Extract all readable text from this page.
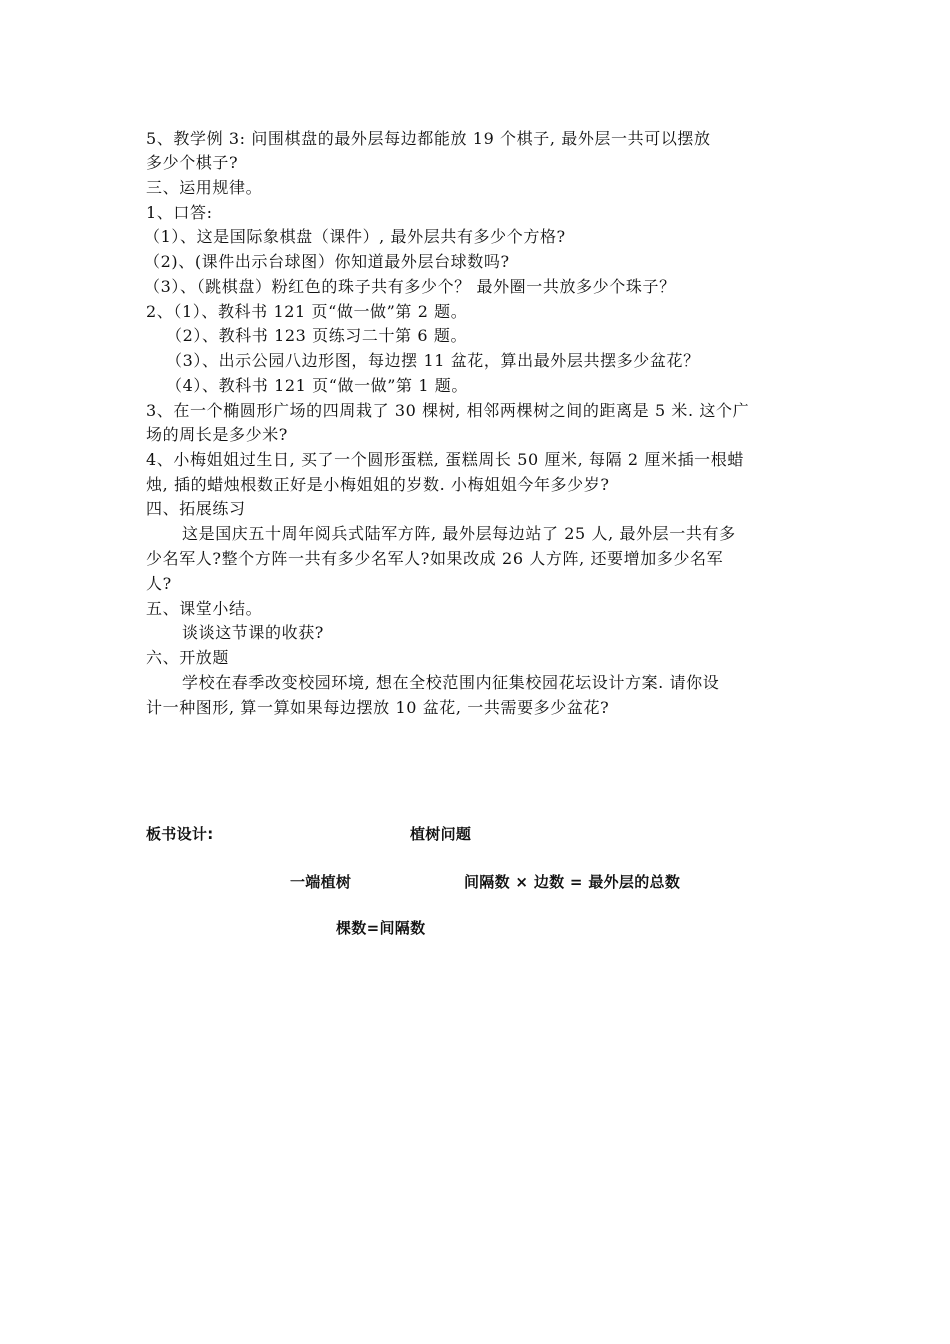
5、教学例 3: 问围棋盘的最外层每边都能放 19 个棋子, 最外层一共可以摆放
多少个棋子?
三、运用规律。
1、口答:
（1）、这是国际象棋盘（课件）, 最外层共有多少个方格?
（2)、(课件出示台球图）你知道最外层台球数吗?
（3）、（跳棋盘）粉红色的珠子共有多少个？ 最外圈一共放多少个珠子？
2、（1）、教科书 121 页“做一做”第 2 题。
（2）、教科书 123 页练习二十第 6 题。
（3）、出示公园八边形图，每边摆 11 盆花，算出最外层共摆多少盆花？
（4）、教科书 121 页“做一做”第 1 题。
3、在一个椭圆形广场的四周栽了 30 棵树, 相邻两棵树之间的距离是 5 米. 这个广
场的周长是多少米?
4、小梅姐姐过生日, 买了一个圆形蛋糕, 蛋糕周长 50 厘米, 每隔 2 厘米插一根蜡
烛, 插的蜡烛根数正好是小梅姐姐的岁数. 小梅姐姐今年多少岁?
四、拓展练习
这是国庆五十周年阅兵式陆军方阵, 最外层每边站了 25 人, 最外层一共有多
少名军人?整个方阵一共有多少名军人?如果改成 26 人方阵, 还要增加多少名军
人?
五、课堂小结。
谈谈这节课的收获?
六、开放题
学校在春季改变校园环境, 想在全校范围内征集校园花坛设计方案. 请你设
计一种图形, 算一算如果每边摆放 10 盆花, 一共需要多少盆花?
板书设计:	植树问题
一端植树	间隔数 × 边数 = 最外层的总数
棵数=间隔数
